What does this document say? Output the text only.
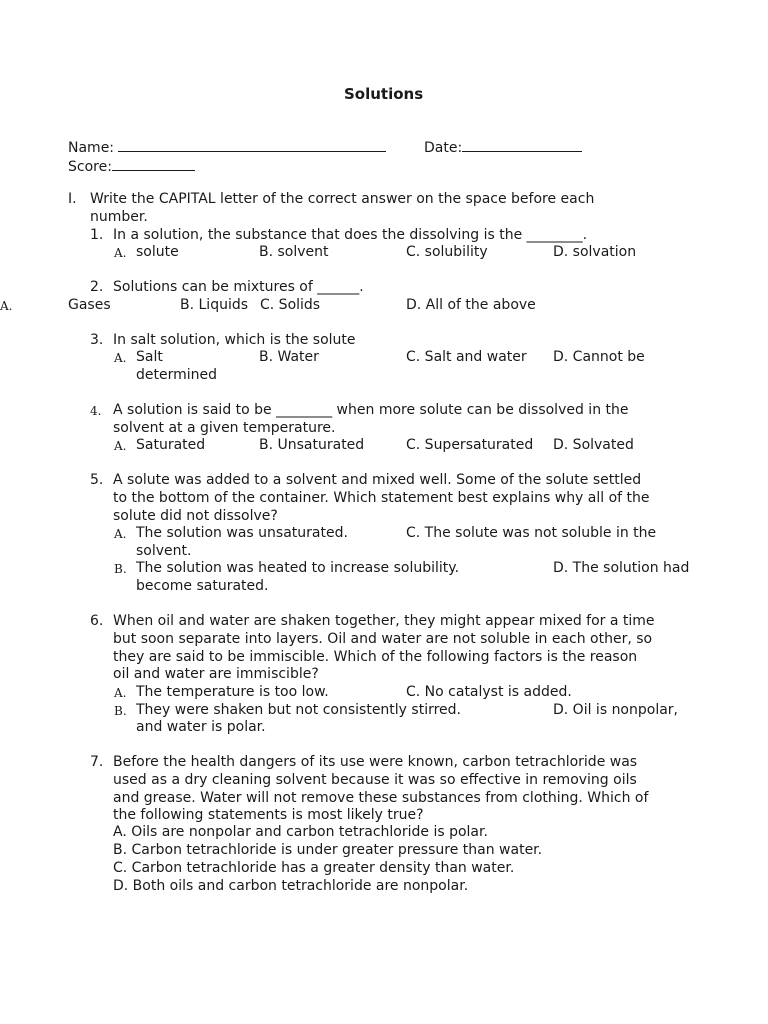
Solutions
Name:	Date:
Score:
I. Write the CAPITAL letter of the correct answer on the space before each
number.
1. In a solution, the substance that does the dissolving is the ________.
A. solute	B. solvent	C. solubility	D. solvation
2. Solutions can be mixtures of ______.
A.	Gases	B. Liquids C. Solids	D. All of the above
3. In salt solution, which is the solute
A. Salt	B. Water	C. Salt and water D. Cannot be
determined
4. A solution is said to be ________ when more solute can be dissolved in the
solvent at a given temperature.
A. Saturated	B. Unsaturated	C. Supersaturated D. Solvated
5. A solute was added to a solvent and mixed well. Some of the solute settled
to the bottom of the container. Which statement best explains why all of the
solute did not dissolve?
A. The solution was unsaturated.	C. The solute was not soluble in the
solvent.
B. The solution was heated to increase solubility.	D. The solution had
become saturated.
6. When oil and water are shaken together, they might appear mixed for a time
but soon separate into layers. Oil and water are not soluble in each other, so
they are said to be immiscible. Which of the following factors is the reason
oil and water are immiscible?
A. The temperature is too low.	C. No catalyst is added.
B. They were shaken but not consistently stirred.	D. Oil is nonpolar,
and water is polar.
7. Before the health dangers of its use were known, carbon tetrachloride was
used as a dry cleaning solvent because it was so effective in removing oils
and grease. Water will not remove these substances from clothing. Which of
the following statements is most likely true?
A. Oils are nonpolar and carbon tetrachloride is polar.
B. Carbon tetrachloride is under greater pressure than water.
C. Carbon tetrachloride has a greater density than water.
D. Both oils and carbon tetrachloride are nonpolar.
